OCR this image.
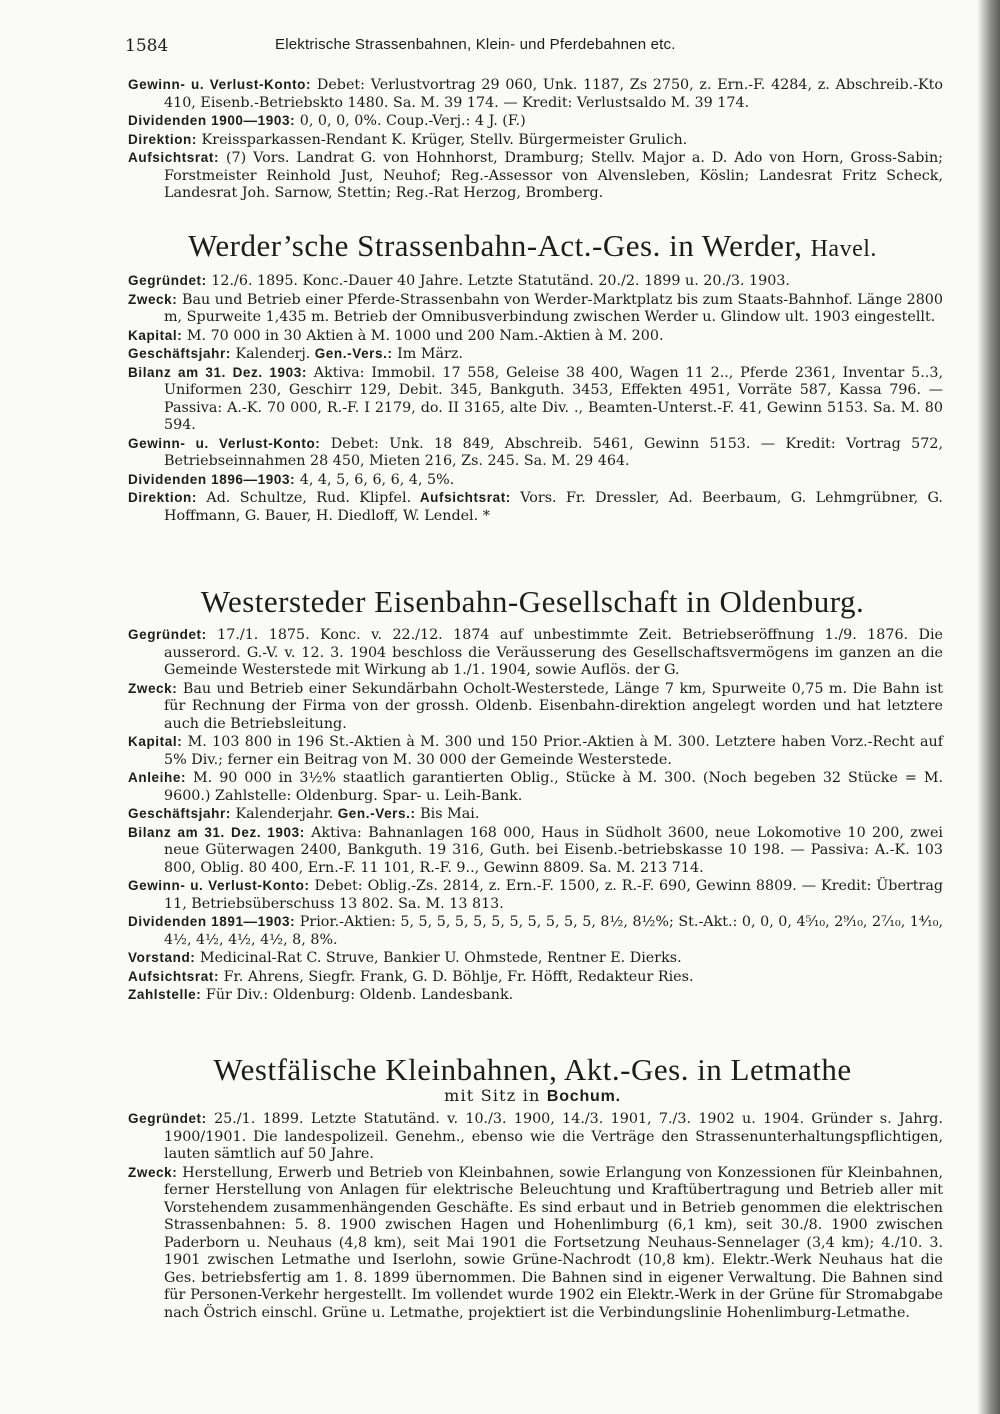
1584	Elektrische Strassenbahnen, Klein- und Pferdebahnen etc.

Gewinn- u. Verlust-Konto: Debet: Verlustvortrag 29 060, Unk. 1187, Zs 2750, z. Ern.-F. 4284, z. Abschreib.-Kto 410, Eisenb.-Betriebskto 1480. Sa. M. 39 174. — Kredit: Verlustsaldo M. 39 174.

Dividenden 1900—1903: 0, 0, 0, 0%. Coup.-Verj.: 4 J. (F.)

Direktion: Kreissparkassen-Rendant K. Krüger, Stellv. Bürgermeister Grulich.

Aufsichtsrat: (7) Vors. Landrat G. von Hohnhorst, Dramburg; Stellv. Major a. D. Ado von Horn, Gross-Sabin; Forstmeister Reinhold Just, Neuhof; Reg.-Assessor von Alvensleben, Köslin; Landesrat Fritz Scheck, Landesrat Joh. Sarnow, Stettin; Reg.-Rat Herzog, Bromberg.

Werder’sche Strassenbahn-Act.-Ges. in Werder, Havel.

Gegründet: 12./6. 1895. Konc.-Dauer 40 Jahre. Letzte Statutänd. 20./2. 1899 u. 20./3. 1903.

Zweck: Bau und Betrieb einer Pferde-Strassenbahn von Werder-Marktplatz bis zum Staats-Bahnhof. Länge 2800 m, Spurweite 1,435 m. Betrieb der Omnibusverbindung zwischen Werder u. Glindow ult. 1903 eingestellt.

Kapital: M. 70 000 in 30 Aktien à M. 1000 und 200 Nam.-Aktien à M. 200.

Geschäftsjahr: Kalenderj. Gen.-Vers.: Im März.

Bilanz am 31. Dez. 1903: Aktiva: Immobil. 17 558, Geleise 38 400, Wagen 11 2.., Pferde 2361, Inventar 5..3, Uniformen 230, Geschirr 129, Debit. 345, Bankguth. 3453, Effekten 4951, Vorräte 587, Kassa 796. — Passiva: A.-K. 70 000, R.-F. I 2179, do. II 3165, alte Div. ., Beamten-Unterst.-F. 41, Gewinn 5153. Sa. M. 80 594.

Gewinn- u. Verlust-Konto: Debet: Unk. 18 849, Abschreib. 5461, Gewinn 5153. — Kredit: Vortrag 572, Betriebseinnahmen 28 450, Mieten 216, Zs. 245. Sa. M. 29 464.

Dividenden 1896—1903: 4, 4, 5, 6, 6, 6, 4, 5%.

Direktion: Ad. Schultze, Rud. Klipfel. Aufsichtsrat: Vors. Fr. Dressler, Ad. Beerbaum, G. Lehmgrübner, G. Hoffmann, G. Bauer, H. Diedloff, W. Lendel. *

Westersteder Eisenbahn-Gesellschaft in Oldenburg.

Gegründet: 17./1. 1875. Konc. v. 22./12. 1874 auf unbestimmte Zeit. Betriebseröffnung 1./9. 1876. Die ausserord. G.-V. v. 12. 3. 1904 beschloss die Veräusserung des Gesellschaftsvermögens im ganzen an die Gemeinde Westerstede mit Wirkung ab 1./1. 1904, sowie Auflös. der G.

Zweck: Bau und Betrieb einer Sekundärbahn Ocholt-Westerstede, Länge 7 km, Spurweite 0,75 m. Die Bahn ist für Rechnung der Firma von der grossh. Oldenb. Eisenbahn-direktion angelegt worden und hat letztere auch die Betriebsleitung.

Kapital: M. 103 800 in 196 St.-Aktien à M. 300 und 150 Prior.-Aktien à M. 300. Letztere haben Vorz.-Recht auf 5% Div.; ferner ein Beitrag von M. 30 000 der Gemeinde Westerstede.

Anleihe: M. 90 000 in 3½% staatlich garantierten Oblig., Stücke à M. 300. (Noch begeben 32 Stücke = M. 9600.) Zahlstelle: Oldenburg. Spar- u. Leih-Bank.

Geschäftsjahr: Kalenderjahr. Gen.-Vers.: Bis Mai.

Bilanz am 31. Dez. 1903: Aktiva: Bahnanlagen 168 000, Haus in Südholt 3600, neue Lokomotive 10 200, zwei neue Güterwagen 2400, Bankguth. 19 316, Guth. bei Eisenb.-betriebskasse 10 198. — Passiva: A.-K. 103 800, Oblig. 80 400, Ern.-F. 11 101, R.-F. 9.., Gewinn 8809. Sa. M. 213 714.

Gewinn- u. Verlust-Konto: Debet: Oblig.-Zs. 2814, z. Ern.-F. 1500, z. R.-F. 690, Gewinn 8809. — Kredit: Übertrag 11, Betriebsüberschuss 13 802. Sa. M. 13 813.

Dividenden 1891—1903: Prior.-Aktien: 5, 5, 5, 5, 5, 5, 5, 5, 5, 5, 5, 8½, 8½%; St.-Akt.: 0, 0, 0, 4⁵⁄₁₀, 2⁹⁄₁₀, 2⁷⁄₁₀, 1⁴⁄₁₀, 4½, 4½, 4½, 4½, 8, 8%.

Vorstand: Medicinal-Rat C. Struve, Bankier U. Ohmstede, Rentner E. Dierks.

Aufsichtsrat: Fr. Ahrens, Siegfr. Frank, G. D. Böhlje, Fr. Höfft, Redakteur Ries.

Zahlstelle: Für Div.: Oldenburg: Oldenb. Landesbank.

Westfälische Kleinbahnen, Akt.-Ges. in Letmathe
mit Sitz in Bochum.

Gegründet: 25./1. 1899. Letzte Statutänd. v. 10./3. 1900, 14./3. 1901, 7./3. 1902 u. 1904. Gründer s. Jahrg. 1900/1901. Die landespolizeil. Genehm., ebenso wie die Verträge den Strassenunterhaltungspflichtigen, lauten sämtlich auf 50 Jahre.

Zweck: Herstellung, Erwerb und Betrieb von Kleinbahnen, sowie Erlangung von Konzessionen für Kleinbahnen, ferner Herstellung von Anlagen für elektrische Beleuchtung und Kraftübertragung und Betrieb aller mit Vorstehendem zusammenhängenden Geschäfte. Es sind erbaut und in Betrieb genommen die elektrischen Strassenbahnen: 5. 8. 1900 zwischen Hagen und Hohenlimburg (6,1 km), seit 30./8. 1900 zwischen Paderborn u. Neuhaus (4,8 km), seit Mai 1901 die Fortsetzung Neuhaus-Sennelager (3,4 km); 4./10. 3. 1901 zwischen Letmathe und Iserlohn, sowie Grüne-Nachrodt (10,8 km). Elektr.-Werk Neuhaus hat die Ges. betriebsfertig am 1. 8. 1899 übernommen. Die Bahnen sind in eigener Verwaltung. Die Bahnen sind für Personen-Verkehr hergestellt. Im vollendet wurde 1902 ein Elektr.-Werk in der Grüne für Stromabgabe nach Östrich einschl. Grüne u. Letmathe, projektiert ist die Verbindungslinie Hohenlimburg-Letmathe.
